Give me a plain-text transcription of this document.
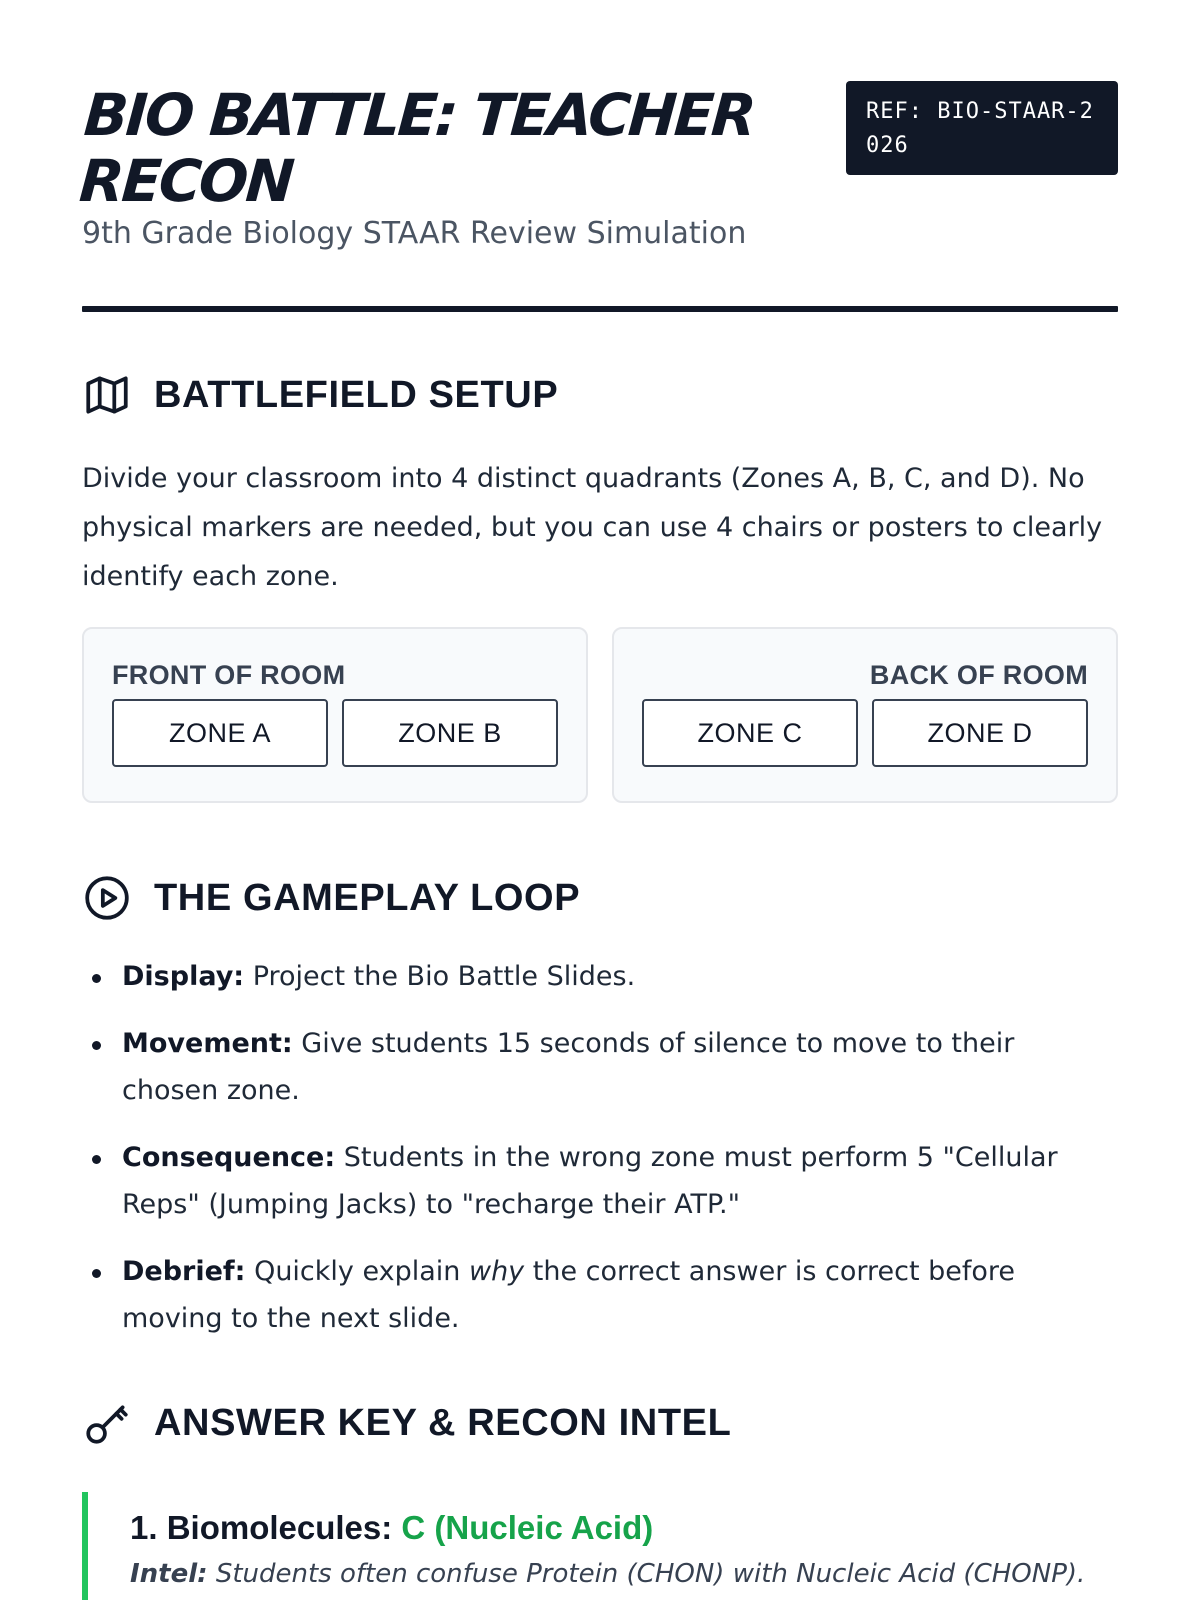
BIO BATTLE: TEACHER RECON

9th Grade Biology STAAR Review Simulation

REF: BIO-STAAR-2026
BATTLEFIELD SETUP

Divide your classroom into 4 distinct quadrants (Zones A, B, C, and D). No physical markers are needed, but you can use 4 chairs or posters to clearly identify each zone.

FRONT OF ROOM
ZONE A	ZONE B
BACK OF ROOM
ZONE C	ZONE D
THE GAMEPLAY LOOP
Display: Project the Bio Battle Slides.
Movement: Give students 15 seconds of silence to move to their chosen zone.
Consequence: Students in the wrong zone must perform 5 "Cellular Reps" (Jumping Jacks) to "recharge their ATP."
Debrief: Quickly explain why the correct answer is correct before moving to the next slide.
ANSWER KEY & RECON INTEL
1. Biomolecules: C (Nucleic Acid)

Intel: Students often confuse Protein (CHON) with Nucleic Acid (CHONP).
